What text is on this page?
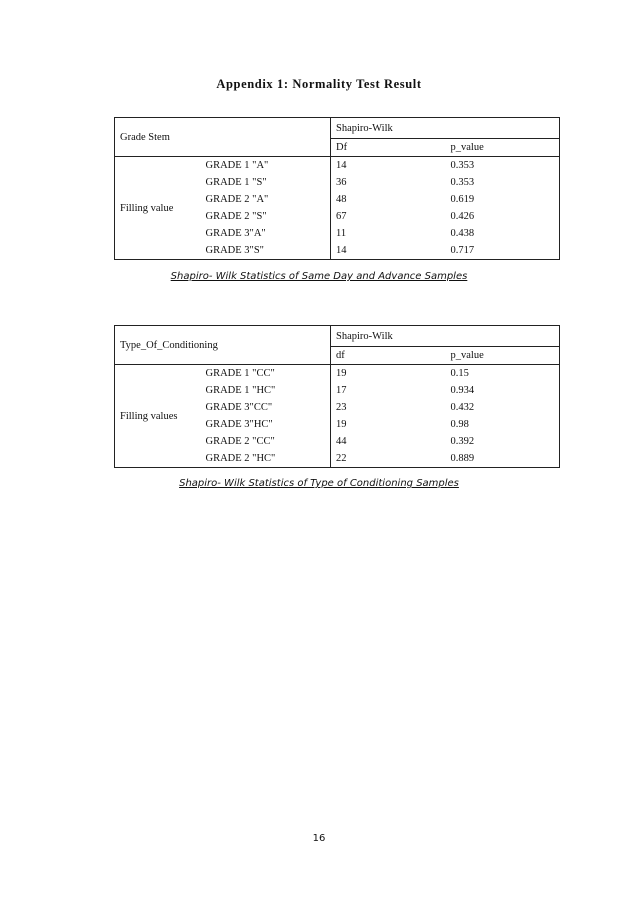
Appendix 1: Normality Test Result
Grade Stem		Shapiro-Wilk	
		Df	p_value
Filling value	GRADE 1 "A"	14	0.353
	GRADE 1 "S"	36	0.353
	GRADE 2 "A"	48	0.619
	GRADE 2 "S"	67	0.426
	GRADE 3"A"	11	0.438
	GRADE 3"S"	14	0.717
Shapiro- Wilk Statistics of Same Day and Advance Samples
Type_Of_Conditioning		Shapiro-Wilk	
		df	p_value
Filling values	GRADE 1 "CC"	19	0.15
	GRADE 1 "HC"	17	0.934
	GRADE 3"CC"	23	0.432
	GRADE 3"HC"	19	0.98
	GRADE 2 "CC"	44	0.392
	GRADE 2 "HC"	22	0.889
Shapiro- Wilk Statistics of Type of Conditioning Samples
16
